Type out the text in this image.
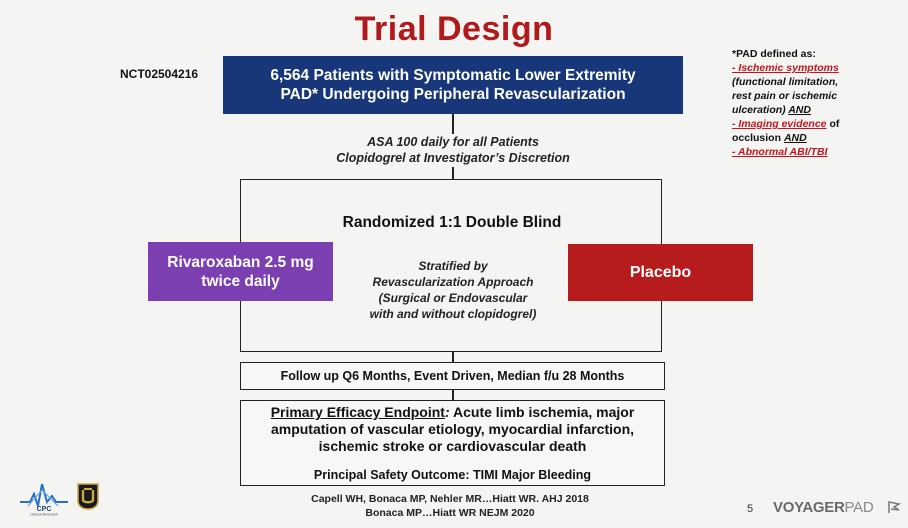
Trial Design
NCT02504216	6,564 Patients with Symptomatic Lower Extremity
PAD* Undergoing Peripheral Revascularization
ASA 100 daily for all Patients
Clopidogrel at Investigator’s Discretion
Randomized 1:1 Double Blind
Stratified by
Revascularization Approach
(Surgical or Endovascular
with and without clopidogrel)
Rivaroxaban 2.5 mg
twice daily
Placebo
Follow up Q6 Months, Event Driven, Median f/u 28 Months
Primary Efficacy Endpoint: Acute limb ischemia, major
amputation of vascular etiology, myocardial infarction,
ischemic stroke or cardiovascular death
Principal Safety Outcome: TIMI Major Bleeding
Capell WH, Bonaca MP, Nehler MR…Hiatt WR. AHJ 2018
Bonaca MP…Hiatt WR NEJM 2020	5
*PAD defined as:
- Ischemic symptoms
(functional limitation,
rest pain or ischemic
ulceration) AND
- Imaging evidence of
occlusion AND
- Abnormal ABI/TBI
CPC
Clinical Research	VOYAGERPAD
